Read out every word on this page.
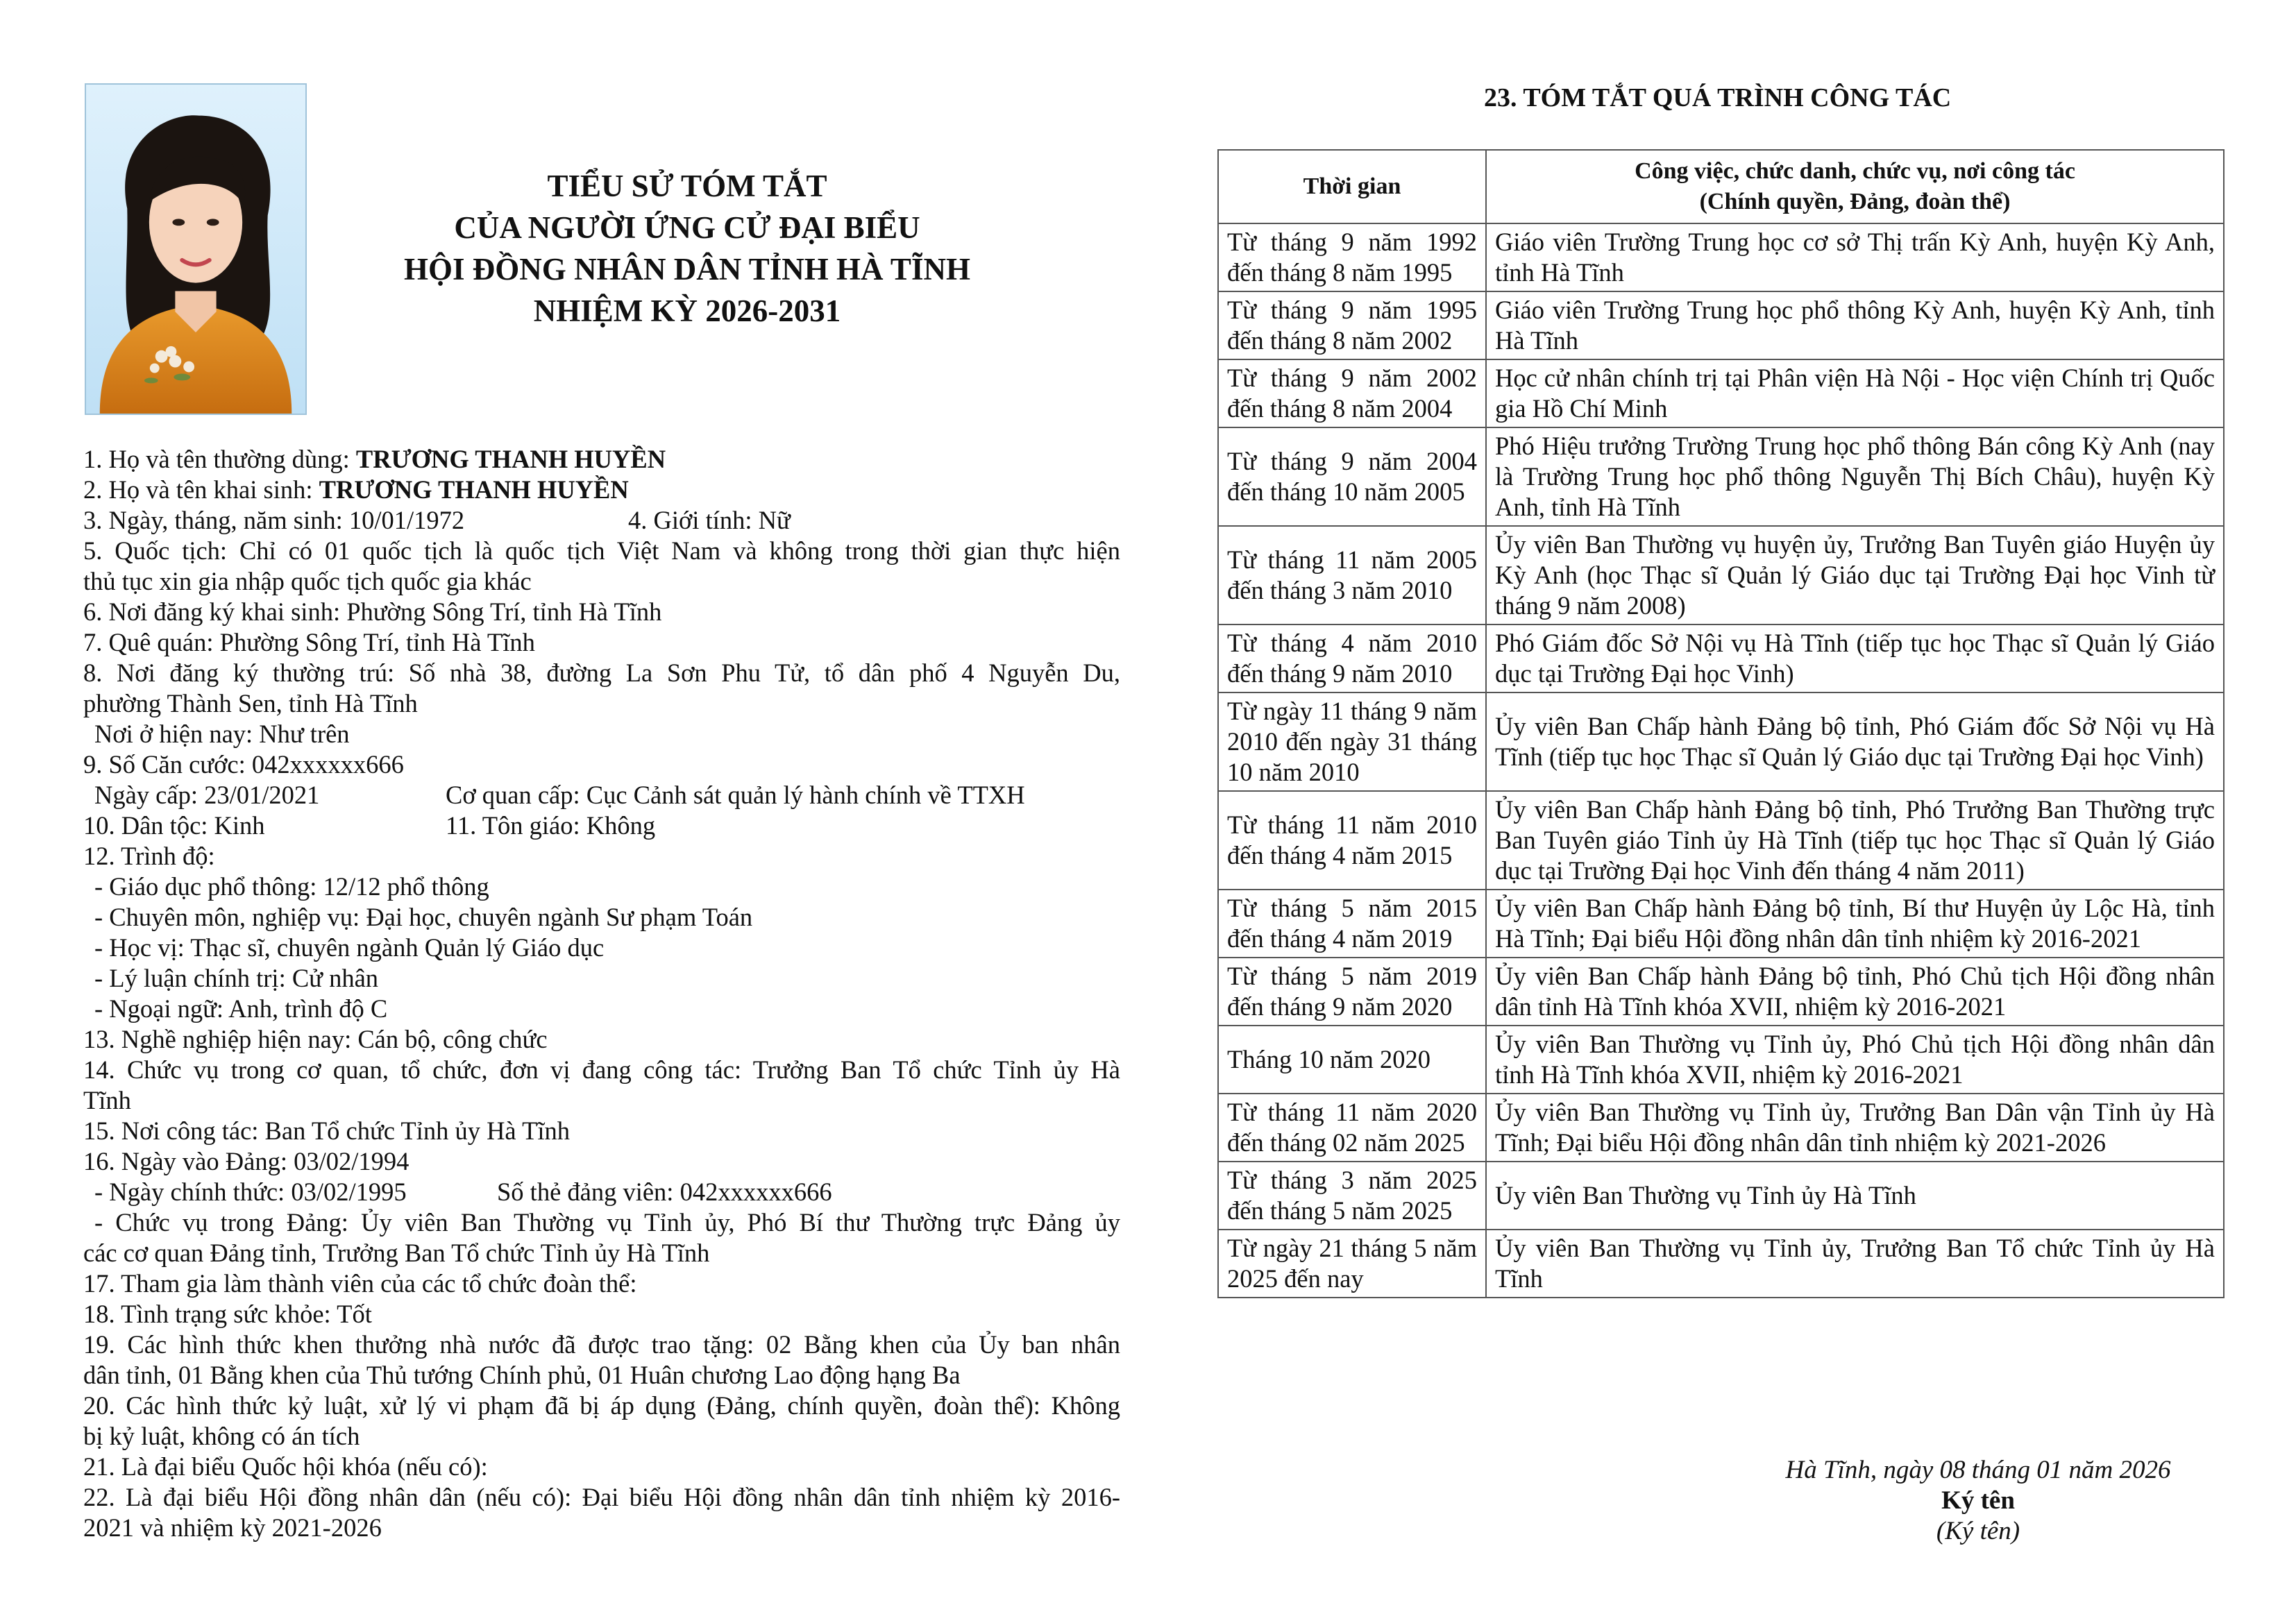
TIỂU SỬ TÓM TẮT
CỦA NGƯỜI ỨNG CỬ ĐẠI BIỂU
HỘI ĐỒNG NHÂN DÂN TỈNH HÀ TĨNH
NHIỆM KỲ 2026-2031
1. Họ và tên thường dùng: TRƯƠNG THANH HUYỀN
2. Họ và tên khai sinh: TRƯƠNG THANH HUYỀN
3. Ngày, tháng, năm sinh: 10/01/1972	4. Giới tính: Nữ
5. Quốc tịch: Chỉ có 01 quốc tịch là quốc tịch Việt Nam và không trong thời gian thực hiện
thủ tục xin gia nhập quốc tịch quốc gia khác
6. Nơi đăng ký khai sinh: Phường Sông Trí, tỉnh Hà Tĩnh
7. Quê quán: Phường Sông Trí, tỉnh Hà Tĩnh
8. Nơi đăng ký thường trú: Số nhà 38, đường La Sơn Phu Tử, tổ dân phố 4 Nguyễn Du,
phường Thành Sen, tỉnh Hà Tĩnh
Nơi ở hiện nay: Như trên
9. Số Căn cước: 042xxxxxx666
Ngày cấp: 23/01/2021	Cơ quan cấp: Cục Cảnh sát quản lý hành chính về TTXH
10. Dân tộc: Kinh	11. Tôn giáo: Không
12. Trình độ:
- Giáo dục phổ thông: 12/12 phổ thông
- Chuyên môn, nghiệp vụ: Đại học, chuyên ngành Sư phạm Toán
- Học vị: Thạc sĩ, chuyên ngành Quản lý Giáo dục
- Lý luận chính trị: Cử nhân
- Ngoại ngữ: Anh, trình độ C
13. Nghề nghiệp hiện nay: Cán bộ, công chức
14. Chức vụ trong cơ quan, tổ chức, đơn vị đang công tác: Trưởng Ban Tổ chức Tỉnh ủy Hà
Tĩnh
15. Nơi công tác: Ban Tổ chức Tỉnh ủy Hà Tĩnh
16. Ngày vào Đảng: 03/02/1994
- Ngày chính thức: 03/02/1995	Số thẻ đảng viên: 042xxxxxx666
- Chức vụ trong Đảng: Ủy viên Ban Thường vụ Tỉnh ủy, Phó Bí thư Thường trực Đảng ủy
các cơ quan Đảng tỉnh, Trưởng Ban Tổ chức Tỉnh ủy Hà Tĩnh
17. Tham gia làm thành viên của các tổ chức đoàn thể:
18. Tình trạng sức khỏe: Tốt
19. Các hình thức khen thưởng nhà nước đã được trao tặng: 02 Bằng khen của Ủy ban nhân
dân tỉnh, 01 Bằng khen của Thủ tướng Chính phủ, 01 Huân chương Lao động hạng Ba
20. Các hình thức kỷ luật, xử lý vi phạm đã bị áp dụng (Đảng, chính quyền, đoàn thể): Không
bị kỷ luật, không có án tích
21. Là đại biểu Quốc hội khóa (nếu có):
22. Là đại biểu Hội đồng nhân dân (nếu có): Đại biểu Hội đồng nhân dân tỉnh nhiệm kỳ 2016-
2021 và nhiệm kỳ 2021-2026
23. TÓM TẮT QUÁ TRÌNH CÔNG TÁC
Thời gian	Công việc, chức danh, chức vụ, nơi công tác
(Chính quyền, Đảng, đoàn thể)

Từ tháng 9 năm 1992 đến tháng 8 năm 1995	Giáo viên Trường Trung học cơ sở Thị trấn Kỳ Anh, huyện Kỳ Anh, tỉnh Hà Tĩnh
Từ tháng 9 năm 1995 đến tháng 8 năm 2002	Giáo viên Trường Trung học phổ thông Kỳ Anh, huyện Kỳ Anh, tỉnh Hà Tĩnh
Từ tháng 9 năm 2002 đến tháng 8 năm 2004	Học cử nhân chính trị tại Phân viện Hà Nội - Học viện Chính trị Quốc gia Hồ Chí Minh
Từ tháng 9 năm 2004 đến tháng 10 năm 2005	Phó Hiệu trưởng Trường Trung học phổ thông Bán công Kỳ Anh (nay là Trường Trung học phổ thông Nguyễn Thị Bích Châu), huyện Kỳ Anh, tỉnh Hà Tĩnh
Từ tháng 11 năm 2005 đến tháng 3 năm 2010	Ủy viên Ban Thường vụ huyện ủy, Trưởng Ban Tuyên giáo Huyện ủy Kỳ Anh (học Thạc sĩ Quản lý Giáo dục tại Trường Đại học Vinh từ tháng 9 năm 2008)
Từ tháng 4 năm 2010 đến tháng 9 năm 2010	Phó Giám đốc Sở Nội vụ Hà Tĩnh (tiếp tục học Thạc sĩ Quản lý Giáo dục tại Trường Đại học Vinh)
Từ ngày 11 tháng 9 năm 2010 đến ngày 31 tháng 10 năm 2010	Ủy viên Ban Chấp hành Đảng bộ tỉnh, Phó Giám đốc Sở Nội vụ Hà Tĩnh (tiếp tục học Thạc sĩ Quản lý Giáo dục tại Trường Đại học Vinh)
Từ tháng 11 năm 2010 đến tháng 4 năm 2015	Ủy viên Ban Chấp hành Đảng bộ tỉnh, Phó Trưởng Ban Thường trực Ban Tuyên giáo Tỉnh ủy Hà Tĩnh (tiếp tục học Thạc sĩ Quản lý Giáo dục tại Trường Đại học Vinh đến tháng 4 năm 2011)
Từ tháng 5 năm 2015 đến tháng 4 năm 2019	Ủy viên Ban Chấp hành Đảng bộ tỉnh, Bí thư Huyện ủy Lộc Hà, tỉnh Hà Tĩnh; Đại biểu Hội đồng nhân dân tỉnh nhiệm kỳ 2016-2021
Từ tháng 5 năm 2019 đến tháng 9 năm 2020	Ủy viên Ban Chấp hành Đảng bộ tỉnh, Phó Chủ tịch Hội đồng nhân dân tỉnh Hà Tĩnh khóa XVII, nhiệm kỳ 2016-2021
Tháng 10 năm 2020	Ủy viên Ban Thường vụ Tỉnh ủy, Phó Chủ tịch Hội đồng nhân dân tỉnh Hà Tĩnh khóa XVII, nhiệm kỳ 2016-2021
Từ tháng 11 năm 2020 đến tháng 02 năm 2025	Ủy viên Ban Thường vụ Tỉnh ủy, Trưởng Ban Dân vận Tỉnh ủy Hà Tĩnh; Đại biểu Hội đồng nhân dân tỉnh nhiệm kỳ 2021-2026
Từ tháng 3 năm 2025 đến tháng 5 năm 2025	Ủy viên Ban Thường vụ Tỉnh ủy Hà Tĩnh
Từ ngày 21 tháng 5 năm 2025 đến nay	Ủy viên Ban Thường vụ Tỉnh ủy, Trưởng Ban Tổ chức Tỉnh ủy Hà Tĩnh
Hà Tĩnh, ngày 08 tháng 01 năm 2026
Ký tên
(Ký tên)
